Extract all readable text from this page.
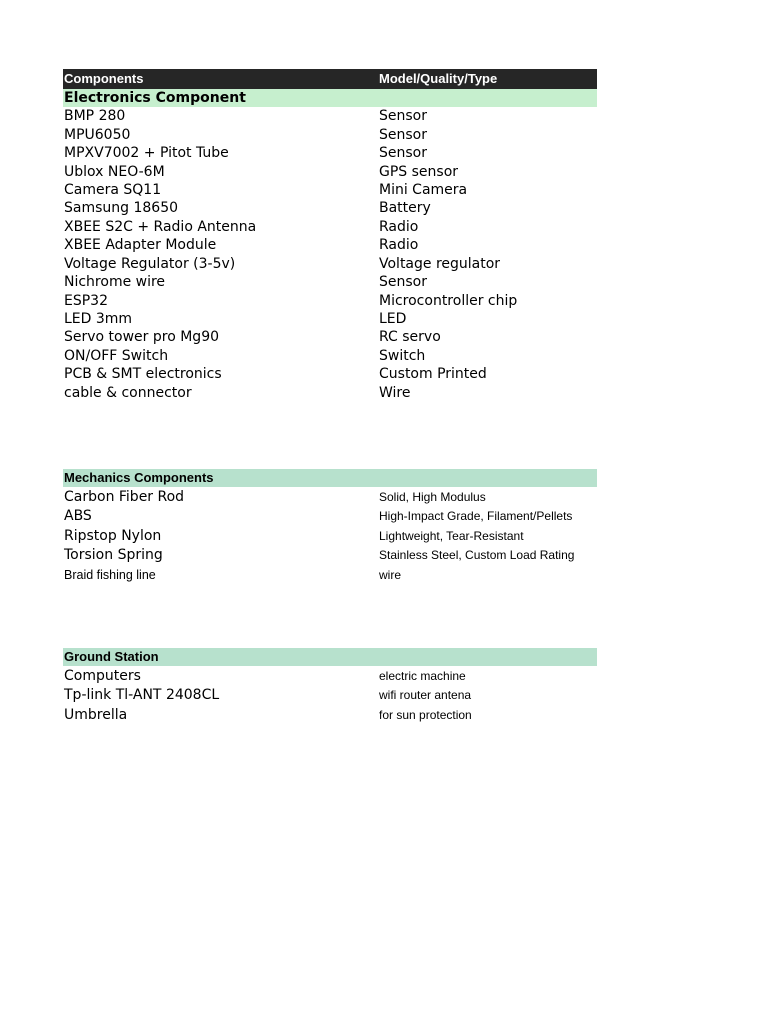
Components	Model/Quality/Type
Electronics Component
BMP 280	Sensor
MPU6050	Sensor
MPXV7002 + Pitot Tube	Sensor
Ublox NEO-6M	GPS sensor
Camera SQ11	Mini Camera
Samsung 18650	Battery
XBEE S2C + Radio Antenna	Radio
XBEE Adapter Module	Radio
Voltage Regulator (3-5v)	Voltage regulator
Nichrome wire	Sensor
ESP32	Microcontroller chip
LED 3mm	LED
Servo tower pro Mg90	RC servo
ON/OFF Switch	Switch
PCB & SMT electronics	Custom Printed
cable & connector	Wire
Mechanics Components
Carbon Fiber Rod	Solid, High Modulus
ABS	High-Impact Grade, Filament/Pellets
Ripstop Nylon	Lightweight, Tear-Resistant
Torsion Spring	Stainless Steel, Custom Load Rating
Braid fishing line	wire
Ground Station
Computers	electric machine
Tp-link Tl-ANT 2408CL	wifi router antena
Umbrella	for sun protection
